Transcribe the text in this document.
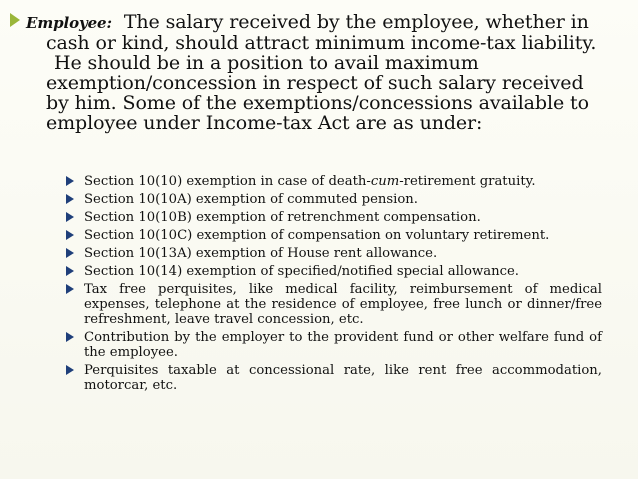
Employee: The salary received by the employee, whether in
cash or kind, should attract minimum income-tax liability.
He should be in a position to avail maximum
exemption/concession in respect of such salary received
by him. Some of the exemptions/concessions available to
employee under Income-tax Act are as under:
Section 10(10) exemption in case of death-cum-retirement gratuity.
Section 10(10A) exemption of commuted pension.
Section 10(10B) exemption of retrenchment compensation.
Section 10(10C) exemption of compensation on voluntary retirement.
Section 10(13A) exemption of House rent allowance.
Section 10(14) exemption of specified/notified special allowance.
Tax free perquisites, like medical facility, reimbursement of medical expenses, telephone at the residence of employee, free lunch or dinner/free refreshment, leave travel concession, etc.
Contribution by the employer to the provident fund or other welfare fund of the employee.
Perquisites taxable at concessional rate, like rent free accommodation, motorcar, etc.
